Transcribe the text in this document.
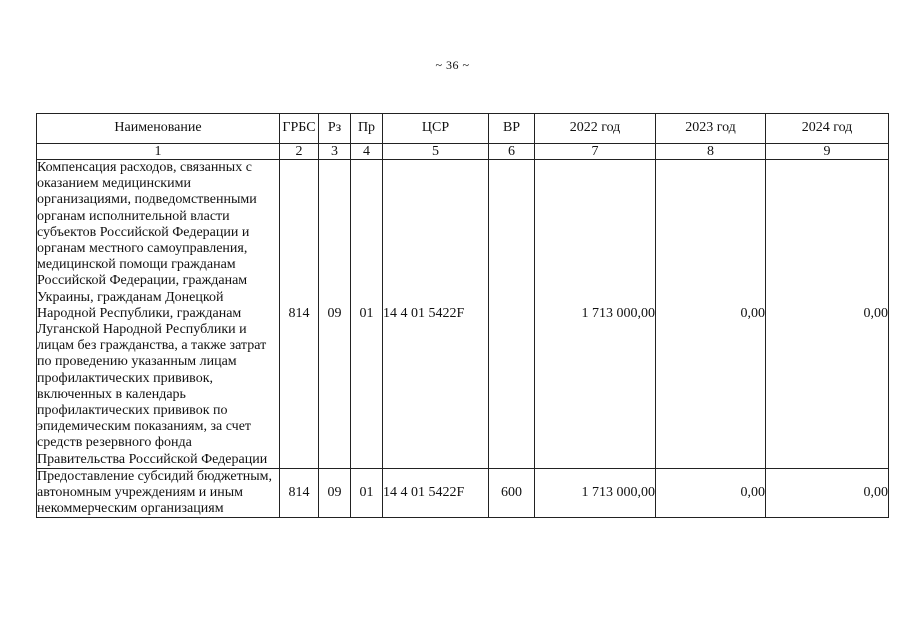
~ 36 ~
Наименование	ГРБС	Рз	Пр	ЦСР	ВР	2022 год	2023 год	2024 год
1	2	3	4	5	6	7	8	9
Компенсация расходов, связанных с оказанием медицинскими организациями, подведомственными органам исполнительной власти субъектов Российской Федерации и органам местного самоуправления, медицинской помощи гражданам Российской Федерации, гражданам Украины, гражданам Донецкой Народной Республики, гражданам Луганской Народной Республики и лицам без гражданства, а также затрат по проведению указанным лицам профилактических прививок, включенных в календарь профилактических прививок по эпидемическим показаниям, за счет средств резервного фонда Правительства Российской Федерации	814	09	01	14 4 01 5422F		1 713 000,00	0,00	0,00
Предоставление субсидий бюджетным, автономным учреждениям и иным некоммерческим организациям	814	09	01	14 4 01 5422F	600	1 713 000,00	0,00	0,00
